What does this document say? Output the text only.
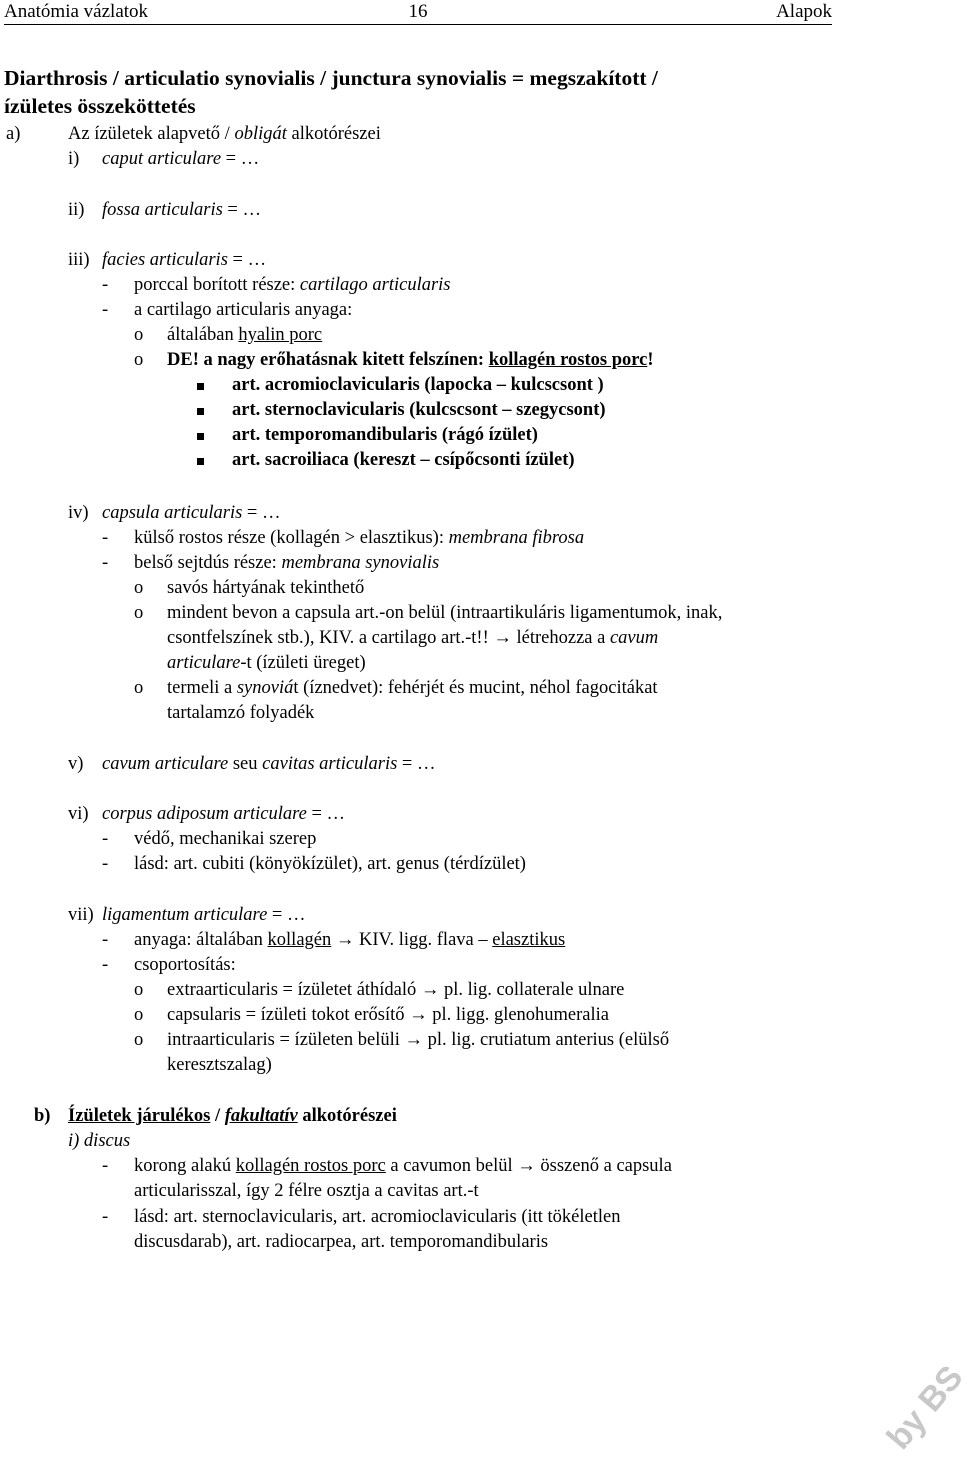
Anatómia vázlatok	16	Alapok
Diarthrosis / articulatio synovialis / junctura synovialis = megszakított /
ízületes összeköttetés
a)	Az ízületek alapvető / obligát alkotórészei
i) caput articulare = …
ii) fossa articularis = …
iii) facies articularis = …
- porccal borított része: cartilago articularis
- a cartilago articularis anyaga:
o általában hyalin porc
o DE! a nagy erőhatásnak kitett felszínen: kollagén rostos porc!
art. acromioclavicularis (lapocka – kulcscsont )
art. sternoclavicularis (kulcscsont – szegycsont)
art. temporomandibularis (rágó ízület)
art. sacroiliaca (kereszt – csípőcsonti ízület)
iv) capsula articularis = …
- külső rostos része (kollagén > elasztikus): membrana fibrosa
- belső sejtdús része: membrana synovialis
o savós hártyának tekinthető
o mindent bevon a capsula art.-on belül (intraartikuláris ligamentumok, inak,
csontfelszínek stb.), KIV. a cartilago art.-t!! → létrehozza a cavum
articulare-t (ízületi üreget)
o termeli a synoviát (íznedvet): fehérjét és mucint, néhol fagocitákat
tartalamzó folyadék
v) cavum articulare seu cavitas articularis = …
vi) corpus adiposum articulare = …
- védő, mechanikai szerep
- lásd: art. cubiti (könyökízület), art. genus (térdízület)
vii) ligamentum articulare = …
- anyaga: általában kollagén → KIV. ligg. flava – elasztikus
- csoportosítás:
o extraarticularis = ízületet áthídaló → pl. lig. collaterale ulnare
o capsularis = ízületi tokot erősítő → pl. ligg. glenohumeralia
o intraarticularis = ízületen belüli → pl. lig. crutiatum anterius (elülső
keresztszalag)
b) Ízületek járulékos / fakultatív alkotórészei
i) discus
- korong alakú kollagén rostos porc a cavumon belül → összenő a capsula
articularisszal, így 2 félre osztja a cavitas art.-t
- lásd: art. sternoclavicularis, art. acromioclavicularis (itt tökéletlen
discusdarab), art. radiocarpea, art. temporomandibularis
by BS
